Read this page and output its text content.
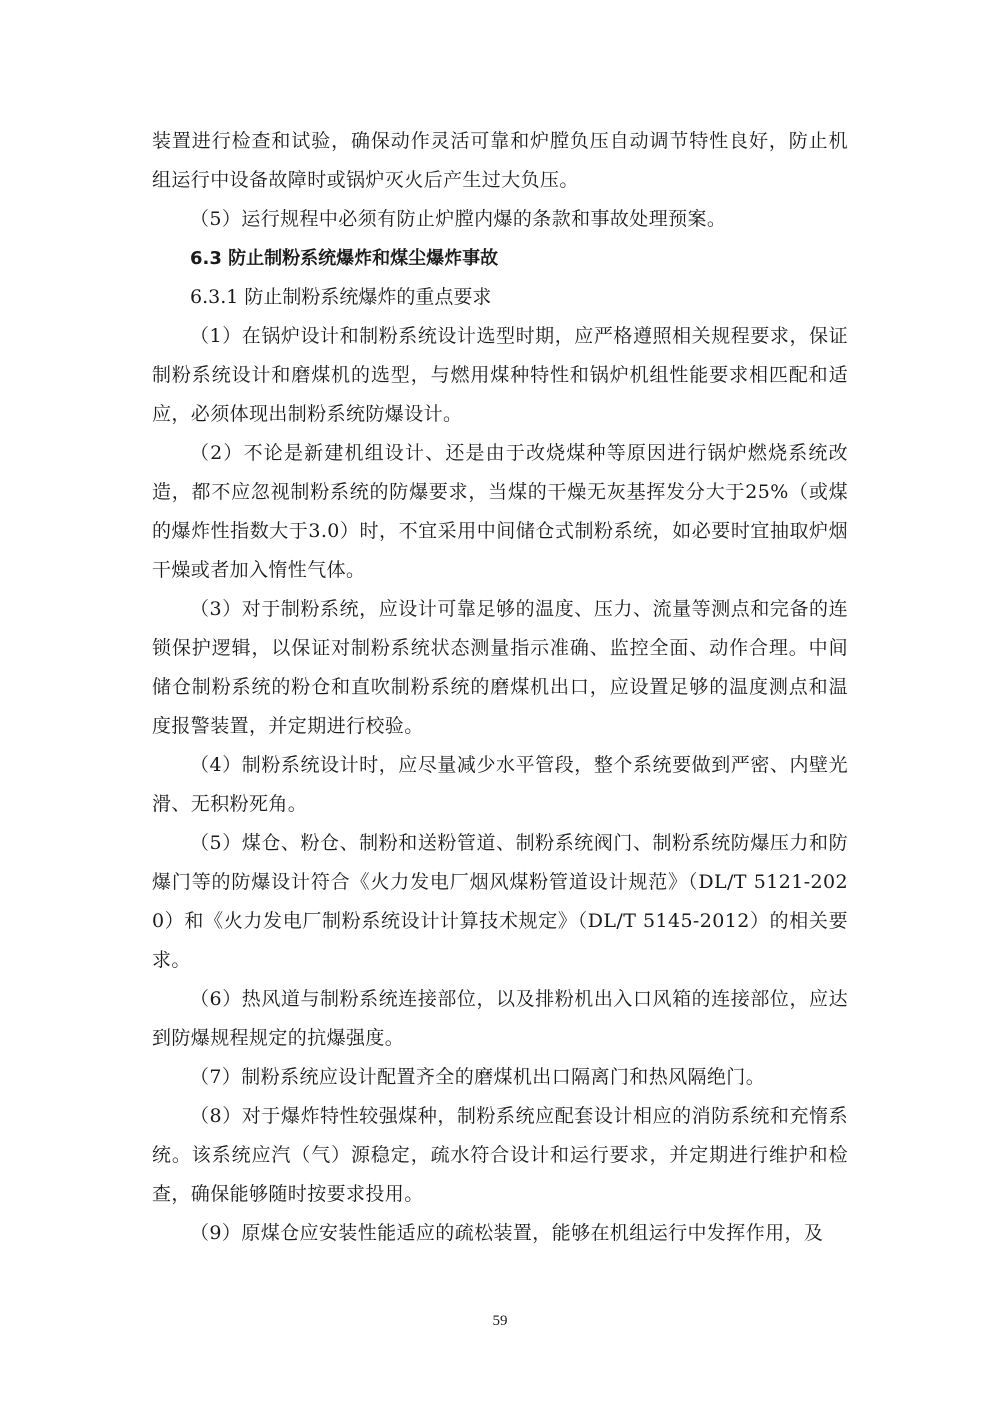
装置进行检查和试验，确保动作灵活可靠和炉膛负压自动调节特性良好，防止机组运行中设备故障时或锅炉灭火后产生过大负压。

（5）运行规程中必须有防止炉膛内爆的条款和事故处理预案。

6.3 防止制粉系统爆炸和煤尘爆炸事故

6.3.1 防止制粉系统爆炸的重点要求

（1）在锅炉设计和制粉系统设计选型时期，应严格遵照相关规程要求，保证制粉系统设计和磨煤机的选型，与燃用煤种特性和锅炉机组性能要求相匹配和适应，必须体现出制粉系统防爆设计。

（2）不论是新建机组设计、还是由于改烧煤种等原因进行锅炉燃烧系统改造，都不应忽视制粉系统的防爆要求，当煤的干燥无灰基挥发分大于25%（或煤的爆炸性指数大于3.0）时，不宜采用中间储仓式制粉系统，如必要时宜抽取炉烟干燥或者加入惰性气体。

（3）对于制粉系统，应设计可靠足够的温度、压力、流量等测点和完备的连锁保护逻辑，以保证对制粉系统状态测量指示准确、监控全面、动作合理。中间储仓制粉系统的粉仓和直吹制粉系统的磨煤机出口，应设置足够的温度测点和温度报警装置，并定期进行校验。

（4）制粉系统设计时，应尽量减少水平管段，整个系统要做到严密、内壁光滑、无积粉死角。

（5）煤仓、粉仓、制粉和送粉管道、制粉系统阀门、制粉系统防爆压力和防爆门等的防爆设计符合《火力发电厂烟风煤粉管道设计规范》（DL/T 5121-2020）和《火力发电厂制粉系统设计计算技术规定》（DL/T 5145-2012）的相关要求。

（6）热风道与制粉系统连接部位，以及排粉机出入口风箱的连接部位，应达到防爆规程规定的抗爆强度。

（7）制粉系统应设计配置齐全的磨煤机出口隔离门和热风隔绝门。

（8）对于爆炸特性较强煤种，制粉系统应配套设计相应的消防系统和充惰系统。该系统应汽（气）源稳定，疏水符合设计和运行要求，并定期进行维护和检查，确保能够随时按要求投用。

（9）原煤仓应安装性能适应的疏松装置，能够在机组运行中发挥作用，及

59
